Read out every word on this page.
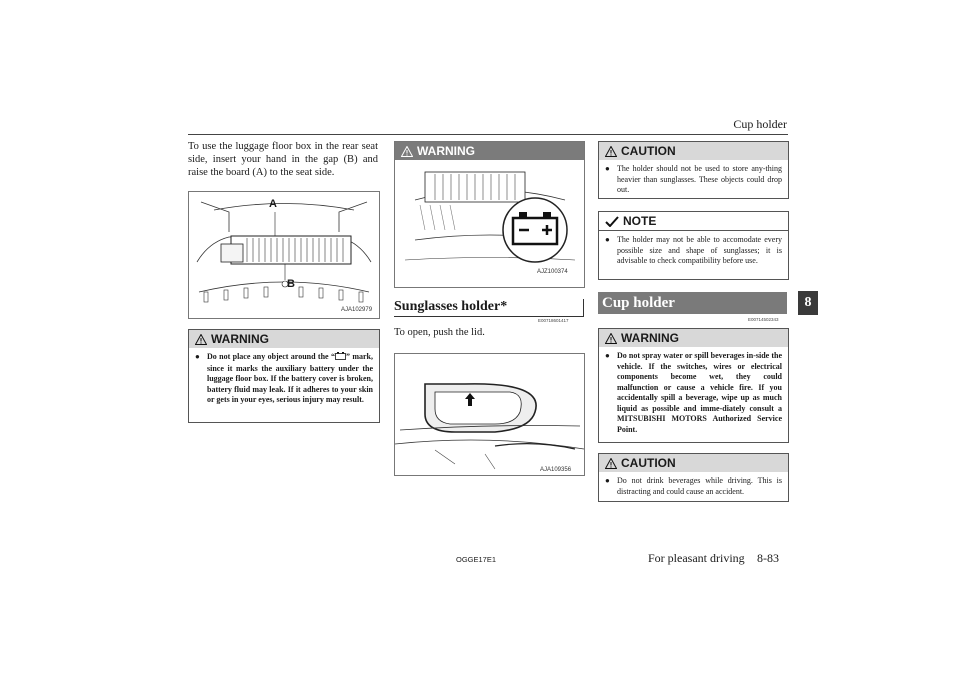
Cup holder
8
To use the luggage floor box in the rear seat side, insert your hand in the gap (B) and raise the board (A) to the seat side.
A
B
AJA102979
WARNING
● Do not place any object around the “ ” mark, since it marks the auxiliary battery under the luggage floor box. If the battery cover is broken, battery fluid may leak. If it adheres to your skin or gets in your eyes, serious injury may result.
WARNING
AJZ100374
Sunglasses holder*
E00718601417
To open, push the lid.
AJA109356
CAUTION
● The holder should not be used to store any-thing heavier than sunglasses. These objects could drop out.
NOTE
● The holder may not be able to accomodate every possible size and shape of sunglasses; it is advisable to check compatibility before use.
Cup holder
E00714502343
WARNING
● Do not spray water or spill beverages in-side the vehicle. If the switches, wires or electrical components become wet, they could malfunction or cause a vehicle fire. If you accidentally spill a beverage, wipe up as much liquid as possible and imme-diately consult a MITSUBISHI MOTORS Authorized Service Point.
CAUTION
● Do not drink beverages while driving. This is distracting and could cause an accident.
OGGE17E1	For pleasant driving 8-83
